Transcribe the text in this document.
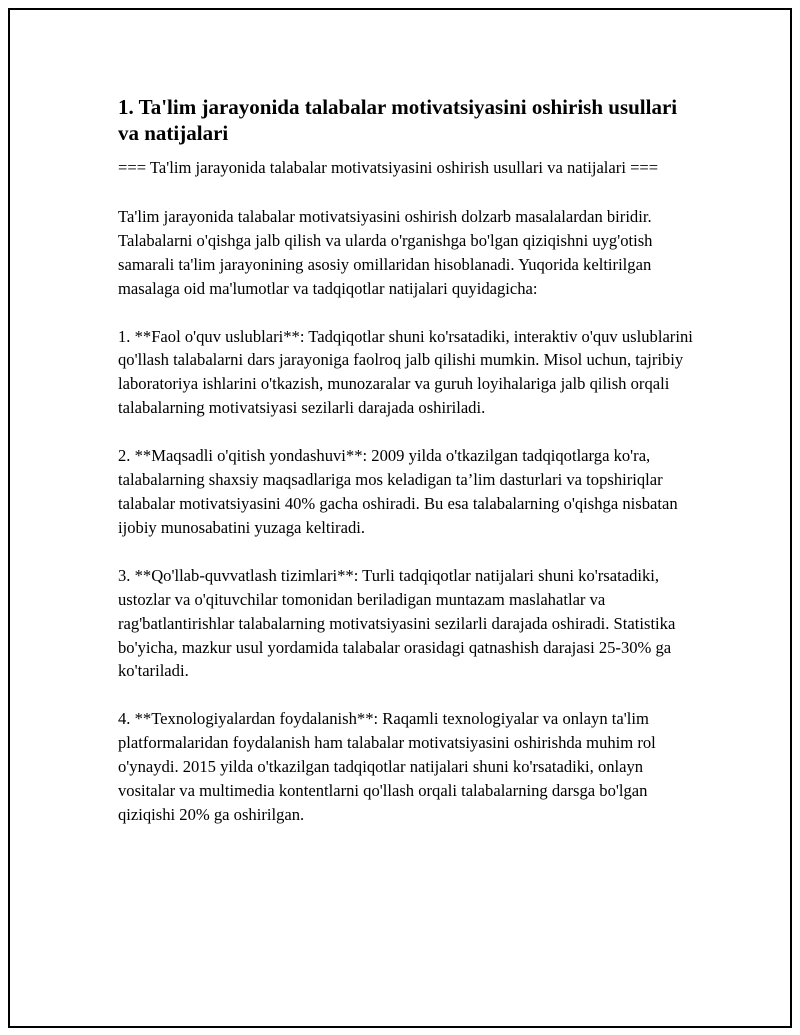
1. Ta'lim jarayonida talabalar motivatsiyasini oshirish usullari va natijalari

=== Ta'lim jarayonida talabalar motivatsiyasini oshirish usullari va natijalari ===

Ta'lim jarayonida talabalar motivatsiyasini oshirish dolzarb masalalardan biridir. Talabalarni o'qishga jalb qilish va ularda o'rganishga bo'lgan qiziqishni uyg'otish samarali ta'lim jarayonining asosiy omillaridan hisoblanadi. Yuqorida keltirilgan masalaga oid ma'lumotlar va tadqiqotlar natijalari quyidagicha:

1. **Faol o'quv uslublari**: Tadqiqotlar shuni ko'rsatadiki, interaktiv o'quv uslublarini qo'llash talabalarni dars jarayoniga faolroq jalb qilishi mumkin. Misol uchun, tajribiy laboratoriya ishlarini o'tkazish, munozaralar va guruh loyihalariga jalb qilish orqali talabalarning motivatsiyasi sezilarli darajada oshiriladi.

2. **Maqsadli o'qitish yondashuvi**: 2009 yilda o'tkazilgan tadqiqotlarga ko'ra, talabalarning shaxsiy maqsadlariga mos keladigan ta’lim dasturlari va topshiriqlar talabalar motivatsiyasini 40% gacha oshiradi. Bu esa talabalarning o'qishga nisbatan ijobiy munosabatini yuzaga keltiradi.

3. **Qo'llab-quvvatlash tizimlari**: Turli tadqiqotlar natijalari shuni ko'rsatadiki, ustozlar va o'qituvchilar tomonidan beriladigan muntazam maslahatlar va rag'batlantirishlar talabalarning motivatsiyasini sezilarli darajada oshiradi. Statistika bo'yicha, mazkur usul yordamida talabalar orasidagi qatnashish darajasi 25-30% ga ko'tariladi.

4. **Texnologiyalardan foydalanish**: Raqamli texnologiyalar va onlayn ta'lim platformalaridan foydalanish ham talabalar motivatsiyasini oshirishda muhim rol o'ynaydi. 2015 yilda o'tkazilgan tadqiqotlar natijalari shuni ko'rsatadiki, onlayn vositalar va multimedia kontentlarni qo'llash orqali talabalarning darsga bo'lgan qiziqishi 20% ga oshirilgan.
